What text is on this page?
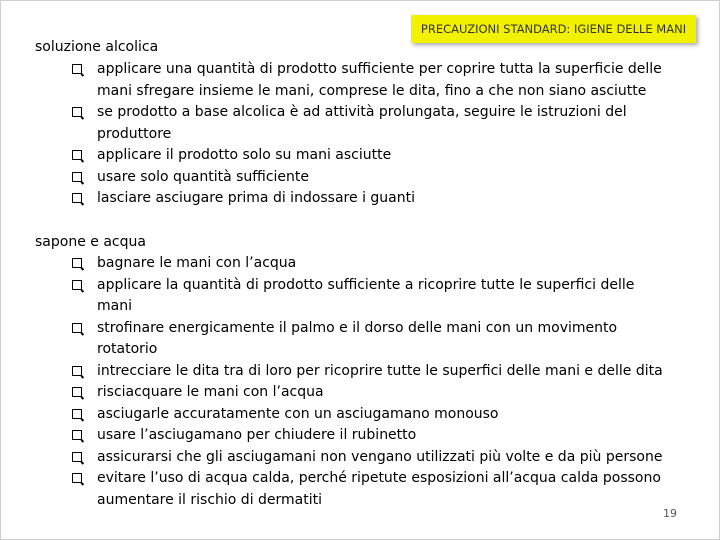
PRECAUZIONI STANDARD: IGIENE DELLE MANI
soluzione alcolica
applicare una quantità di prodotto sufficiente per coprire tutta la superficie delle mani sfregare insieme le mani, comprese le dita, fino a che non siano asciutte
se prodotto a base alcolica è ad attività prolungata, seguire le istruzioni del produttore
applicare il prodotto solo su mani asciutte
usare solo quantità sufficiente
lasciare asciugare prima di indossare i guanti
sapone e acqua
bagnare le mani con l’acqua
applicare la quantità di prodotto sufficiente a ricoprire tutte le superfici delle mani
strofinare energicamente il palmo e il dorso delle mani con un movimento rotatorio
intrecciare le dita tra di loro per ricoprire tutte le superfici delle mani e delle dita
risciacquare le mani con l’acqua
asciugarle accuratamente con un asciugamano monouso
usare l’asciugamano per chiudere il rubinetto
assicurarsi che gli asciugamani non vengano utilizzati più volte e da più persone
evitare l’uso di acqua calda, perché ripetute esposizioni all’acqua calda possono aumentare il rischio di dermatiti
19
